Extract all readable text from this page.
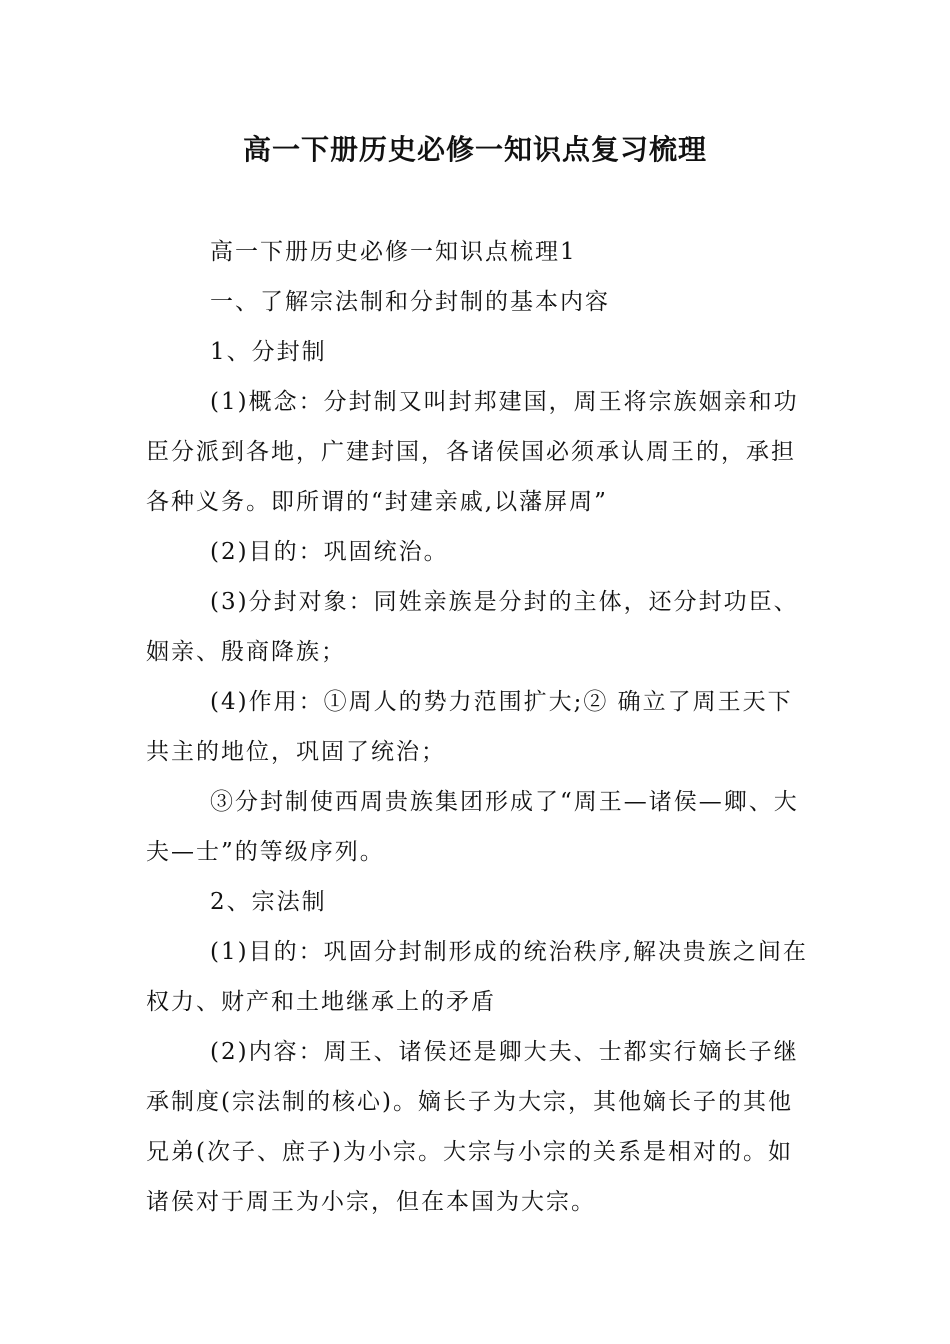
高一下册历史必修一知识点复习梳理

高一下册历史必修一知识点梳理1

一、了解宗法制和分封制的基本内容

1、分封制

(1)概念：分封制又叫封邦建国，周王将宗族姻亲和功臣分派到各地，广建封国，各诸侯国必须承认周王的，承担各种义务。即所谓的“封建亲戚,以藩屏周”

(2)目的：巩固统治。

(3)分封对象：同姓亲族是分封的主体，还分封功臣、姻亲、殷商降族；

(4)作用：①周人的势力范围扩大;② 确立了周王天下共主的地位，巩固了统治；

③分封制使西周贵族集团形成了“周王—诸侯—卿、大夫—士”的等级序列。

2、宗法制

(1)目的：巩固分封制形成的统治秩序,解决贵族之间在权力、财产和土地继承上的矛盾

(2)内容：周王、诸侯还是卿大夫、士都实行嫡长子继承制度(宗法制的核心)。嫡长子为大宗，其他嫡长子的其他兄弟(次子、庶子)为小宗。大宗与小宗的关系是相对的。如诸侯对于周王为小宗，但在本国为大宗。
